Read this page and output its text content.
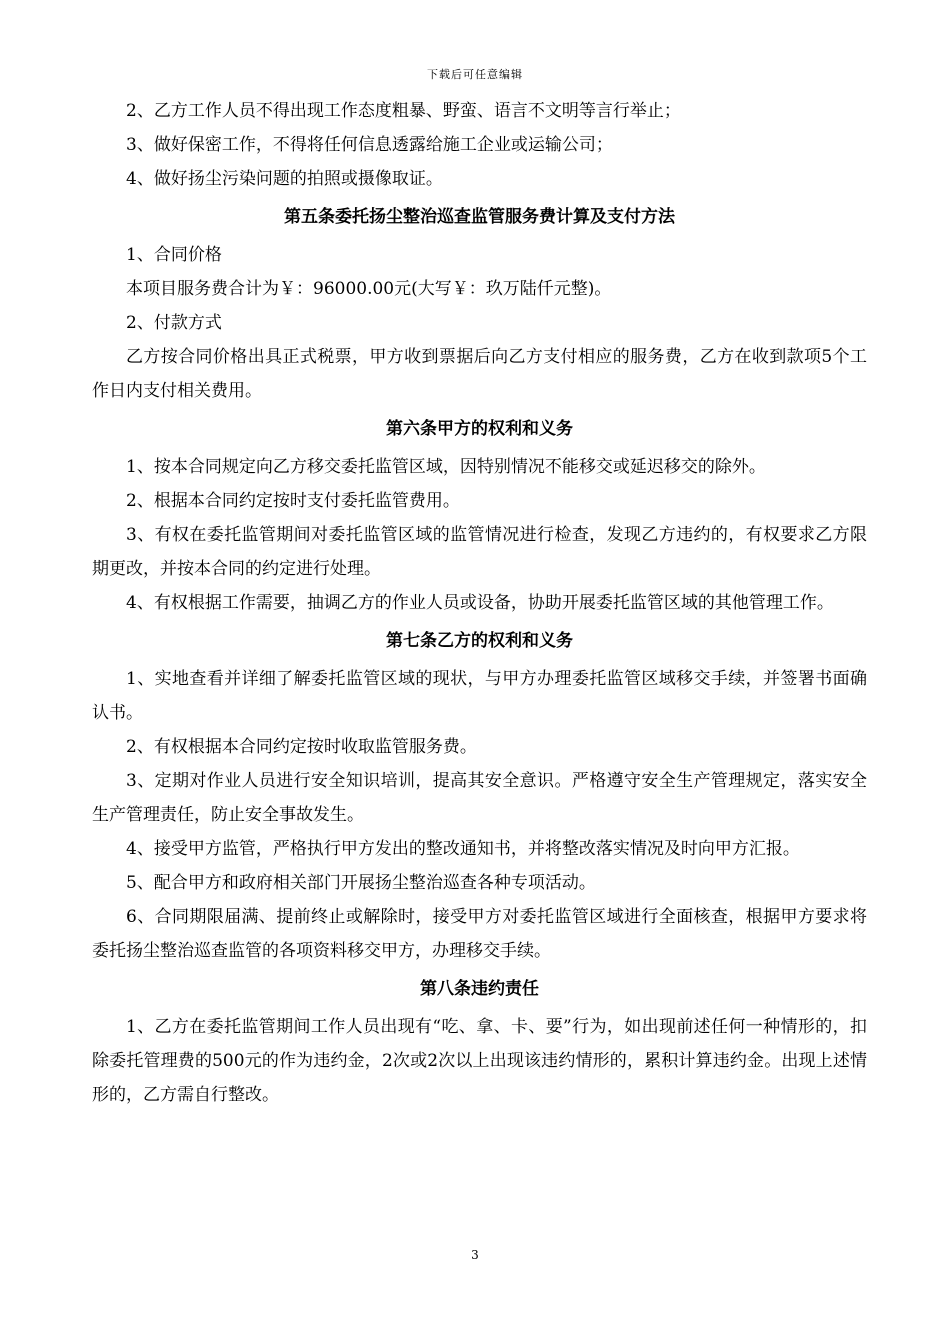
下载后可任意编辑

2、乙方工作人员不得出现工作态度粗暴、野蛮、语言不文明等言行举止；

3、做好保密工作，不得将任何信息透露给施工企业或运输公司；

4、做好扬尘污染问题的拍照或摄像取证。

第五条委托扬尘整治巡查监管服务费计算及支付方法

1、合同价格

本项目服务费合计为￥：96000.00元(大写￥：玖万陆仟元整)。

2、付款方式

乙方按合同价格出具正式税票，甲方收到票据后向乙方支付相应的服务费，乙方在收到款项5个工作日内支付相关费用。

第六条甲方的权利和义务

1、按本合同规定向乙方移交委托监管区域，因特别情况不能移交或延迟移交的除外。

2、根据本合同约定按时支付委托监管费用。

3、有权在委托监管期间对委托监管区域的监管情况进行检查，发现乙方违约的，有权要求乙方限期更改，并按本合同的约定进行处理。

4、有权根据工作需要，抽调乙方的作业人员或设备，协助开展委托监管区域的其他管理工作。

第七条乙方的权利和义务

1、实地查看并详细了解委托监管区域的现状，与甲方办理委托监管区域移交手续，并签署书面确认书。

2、有权根据本合同约定按时收取监管服务费。

3、定期对作业人员进行安全知识培训，提高其安全意识。严格遵守安全生产管理规定，落实安全生产管理责任，防止安全事故发生。

4、接受甲方监管，严格执行甲方发出的整改通知书，并将整改落实情况及时向甲方汇报。

5、配合甲方和政府相关部门开展扬尘整治巡查各种专项活动。

6、合同期限届满、提前终止或解除时，接受甲方对委托监管区域进行全面核查，根据甲方要求将委托扬尘整治巡查监管的各项资料移交甲方，办理移交手续。

第八条违约责任

1、乙方在委托监管期间工作人员出现有“吃、拿、卡、要”行为，如出现前述任何一种情形的，扣除委托管理费的500元的作为违约金，2次或2次以上出现该违约情形的，累积计算违约金。出现上述情形的，乙方需自行整改。

3
